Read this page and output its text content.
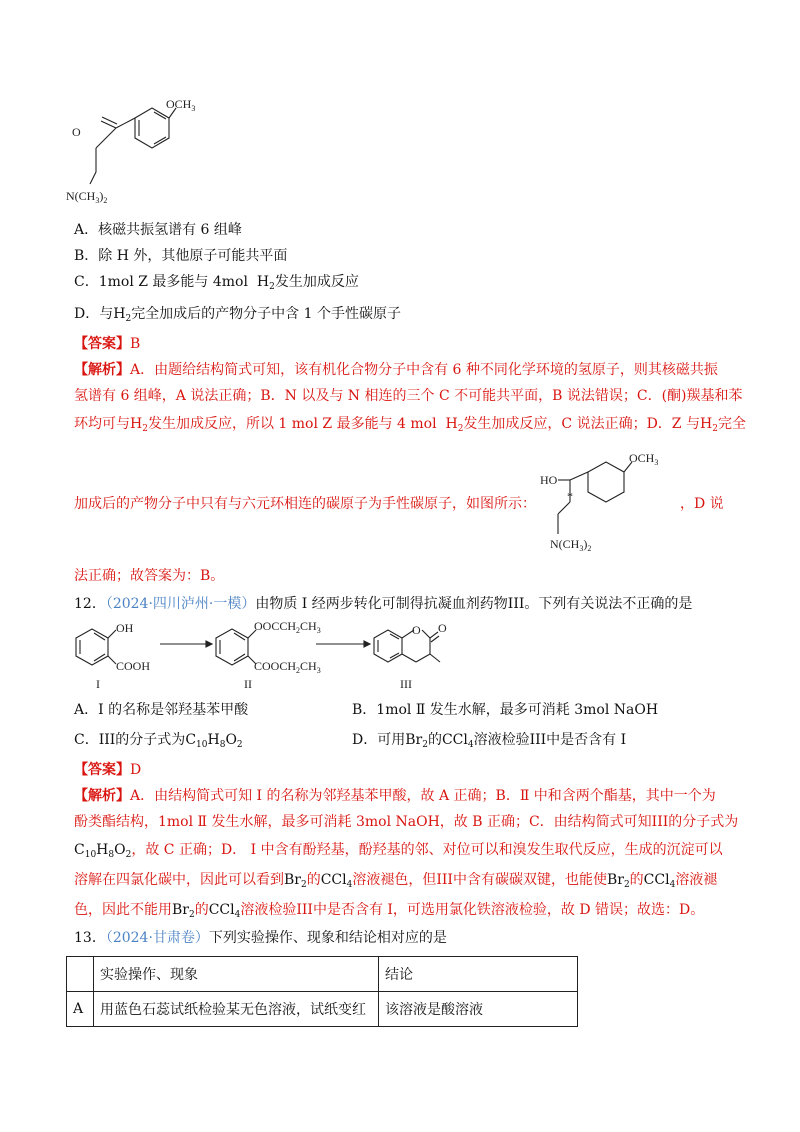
$OCH_3$
$N(CH_3)_2$
O
A．核磁共振氢谱有 6 组峰
B．除 H 外，其他原子可能共平面
C．1mol Z 最多能与 4mol $H_2$发生加成反应
D．与$H_2$完全加成后的产物分子中含 1 个手性碳原子
【答案】B
【解析】A．由题给结构简式可知，该有机化合物分子中含有 6 种不同化学环境的氢原子，则其核磁共振
氢谱有 6 组峰，A 说法正确；B．N 以及与 N 相连的三个 C 不可能共平面，B 说法错误；C．(酮)羰基和苯
环均可与$H_2$发生加成反应，所以 1 mol Z 最多能与 4 mol $H_2$发生加成反应，C 说法正确；D．Z 与$H_2$完全
HO
*
$OCH_3$
$N(CH_3)_2$
加成后的产物分子中只有与六元环相连的碳原子为手性碳原子，如图所示：	，D 说
法正确；故答案为：B。
12．（2024·四川泸州·一模）由物质 I 经两步转化可制得抗凝血剂药物III。下列有关说法不正确的是
OH
COOH
I
$OOCCH_2CH_3$
$COOCH_2CH_3$
II
O O
III
A．I 的名称是邻羟基苯甲酸	B．1mol Ⅱ 发生水解，最多可消耗 3mol NaOH
C．III的分子式为$C_{10}H_8O_2$	D．可用$Br_2$的CCl$_4$溶液检验III中是否含有 I
【答案】D
【解析】A．由结构简式可知 I 的名称为邻羟基苯甲酸，故 A 正确；B．Ⅱ 中和含两个酯基，其中一个为
酚类酯结构，1mol Ⅱ 发生水解，最多可消耗 3mol NaOH，故 B 正确；C．由结构简式可知III的分子式为
$C_{10}H_8O_2$，故 C 正确；D． I 中含有酚羟基，酚羟基的邻、对位可以和溴发生取代反应，生成的沉淀可以
溶解在四氯化碳中，因此可以看到$Br_2$的CCl$_4$溶液褪色，但III中含有碳碳双键，也能使$Br_2$的CCl$_4$溶液褪
色，因此不能用$Br_2$的CCl$_4$溶液检验III中是否含有 I，可选用氯化铁溶液检验，故 D 错误；故选：D。
13．（2024·甘肃卷）下列实验操作、现象和结论相对应的是
	实验操作、现象	结论
A	用蓝色石蕊试纸检验某无色溶液，试纸变红	该溶液是酸溶液
